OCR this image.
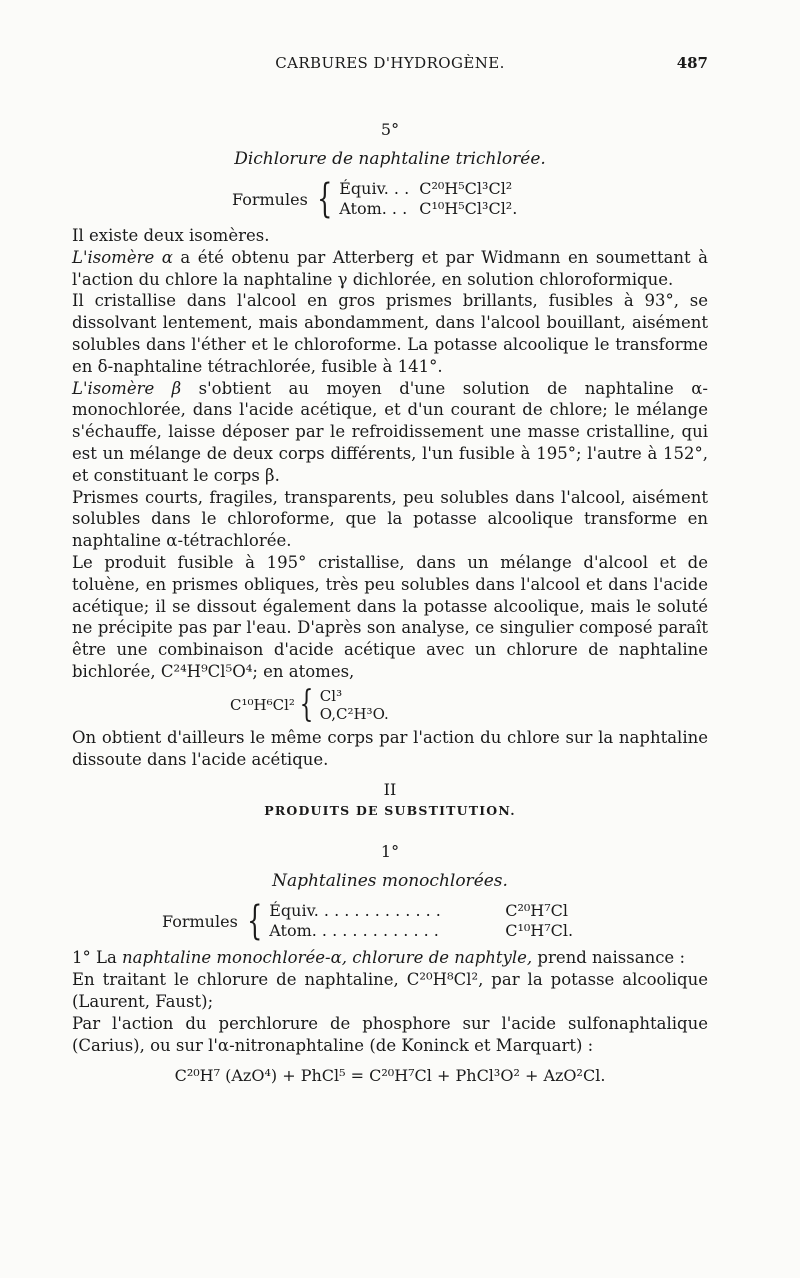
CARBURES D'HYDROGÈNE.	487
5°
Dichlorure de naphtaline trichlorée.
Formules { Équiv. . . C²⁰H⁵Cl³Cl²
Atom. . . C¹⁰H⁵Cl³Cl².

Il existe deux isomères.

L'isomère α a été obtenu par Atterberg et par Widmann en soumettant à l'action du chlore la naphtaline γ dichlorée, en solution chloroformique.

Il cristallise dans l'alcool en gros prismes brillants, fusibles à 93°, se dissolvant lentement, mais abondamment, dans l'alcool bouillant, aisément solubles dans l'éther et le chloroforme. La potasse alcoolique le transforme en δ-naphtaline tétrachlorée, fusible à 141°.

L'isomère β s'obtient au moyen d'une solution de naphtaline α-monochlorée, dans l'acide acétique, et d'un courant de chlore; le mélange s'échauffe, laisse déposer par le refroidissement une masse cristalline, qui est un mélange de deux corps différents, l'un fusible à 195°; l'autre à 152°, et constituant le corps β.

Prismes courts, fragiles, transparents, peu solubles dans l'alcool, aisément solubles dans le chloroforme, que la potasse alcoolique transforme en naphtaline α-tétrachlorée.

Le produit fusible à 195° cristallise, dans un mélange d'alcool et de toluène, en prismes obliques, très peu solubles dans l'alcool et dans l'acide acétique; il se dissout également dans la potasse alcoolique, mais le soluté ne précipite pas par l'eau. D'après son analyse, ce singulier composé paraît être une combinaison d'acide acétique avec un chlorure de naphtaline bichlorée, C²⁴H⁹Cl⁵O⁴; en atomes,

C¹⁰H⁶Cl² { Cl³
O,C²H³O.

On obtient d'ailleurs le même corps par l'action du chlore sur la naphtaline dissoute dans l'acide acétique.

II
PRODUITS DE SUBSTITUTION.
1°
Naphtalines monochlorées.
Formules { Équiv. . . . . . . . . . . . .	C²⁰H⁷Cl
Atom. . . . . . . . . . . . .	C¹⁰H⁷Cl.

1° La naphtaline monochlorée-α, chlorure de naphtyle, prend naissance :

En traitant le chlorure de naphtaline, C²⁰H⁸Cl², par la potasse alcoolique (Laurent, Faust);

Par l'action du perchlorure de phosphore sur l'acide sulfonaphtalique (Carius), ou sur l'α-nitronaphtaline (de Koninck et Marquart) :

C²⁰H⁷ (AzO⁴) + PhCl⁵ = C²⁰H⁷Cl + PhCl³O² + AzO²Cl.
